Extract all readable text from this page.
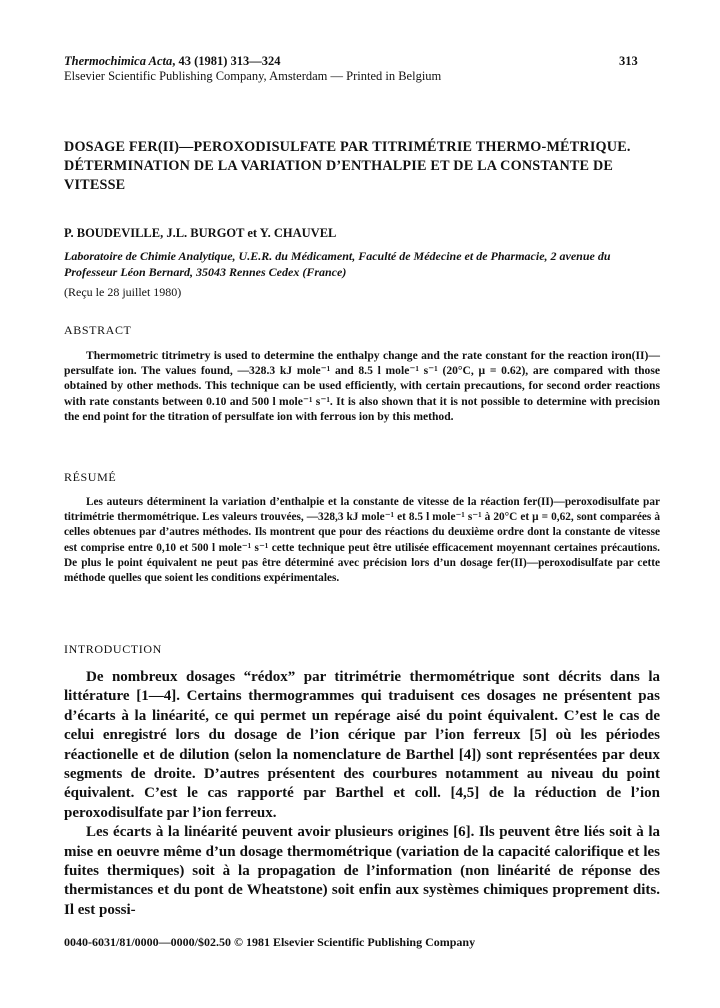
Thermochimica Acta, 43 (1981) 313—324
Elsevier Scientific Publishing Company, Amsterdam — Printed in Belgium
313
DOSAGE FER(II)—PEROXODISULFATE PAR TITRIMÉTRIE THERMO-MÉTRIQUE. DÉTERMINATION DE LA VARIATION D’ENTHALPIE ET DE LA CONSTANTE DE VITESSE
P. BOUDEVILLE, J.L. BURGOT et Y. CHAUVEL
Laboratoire de Chimie Analytique, U.E.R. du Médicament, Faculté de Médecine et de Pharmacie, 2 avenue du Professeur Léon Bernard, 35043 Rennes Cedex (France)
(Reçu le 28 juillet 1980)
ABSTRACT
Thermometric titrimetry is used to determine the enthalpy change and the rate constant for the reaction iron(II)—persulfate ion. The values found, —328.3 kJ mole⁻¹ and 8.5 l mole⁻¹ s⁻¹ (20°C, μ = 0.62), are compared with those obtained by other methods. This technique can be used efficiently, with certain precautions, for second order reactions with rate constants between 0.10 and 500 l mole⁻¹ s⁻¹. It is also shown that it is not possible to determine with precision the end point for the titration of persulfate ion with ferrous ion by this method.
RÉSUMÉ
Les auteurs déterminent la variation d’enthalpie et la constante de vitesse de la réaction fer(II)—peroxodisulfate par titrimétrie thermométrique. Les valeurs trouvées, —328,3 kJ mole⁻¹ et 8.5 l mole⁻¹ s⁻¹ à 20°C et μ = 0,62, sont comparées à celles obtenues par d’autres méthodes. Ils montrent que pour des réactions du deuxième ordre dont la constante de vitesse est comprise entre 0,10 et 500 l mole⁻¹ s⁻¹ cette technique peut être utilisée efficacement moyennant certaines précautions. De plus le point équivalent ne peut pas être déterminé avec précision lors d’un dosage fer(II)—peroxodisulfate par cette méthode quelles que soient les conditions expérimentales.
INTRODUCTION

De nombreux dosages “rédox” par titrimétrie thermométrique sont décrits dans la littérature [1—4]. Certains thermogrammes qui traduisent ces dosages ne présentent pas d’écarts à la linéarité, ce qui permet un repérage aisé du point équivalent. C’est le cas de celui enregistré lors du dosage de l’ion cérique par l’ion ferreux [5] où les périodes réactionelle et de dilution (selon la nomenclature de Barthel [4]) sont représentées par deux segments de droite. D’autres présentent des courbures notamment au niveau du point équivalent. C’est le cas rapporté par Barthel et coll. [4,5] de la réduction de l’ion peroxodisulfate par l’ion ferreux.

Les écarts à la linéarité peuvent avoir plusieurs origines [6]. Ils peuvent être liés soit à la mise en oeuvre même d’un dosage thermométrique (variation de la capacité calorifique et les fuites thermiques) soit à la propagation de l’information (non linéarité de réponse des thermistances et du pont de Wheatstone) soit enfin aux systèmes chimiques proprement dits. Il est possi-

0040-6031/81/0000—0000/$02.50 © 1981 Elsevier Scientific Publishing Company
